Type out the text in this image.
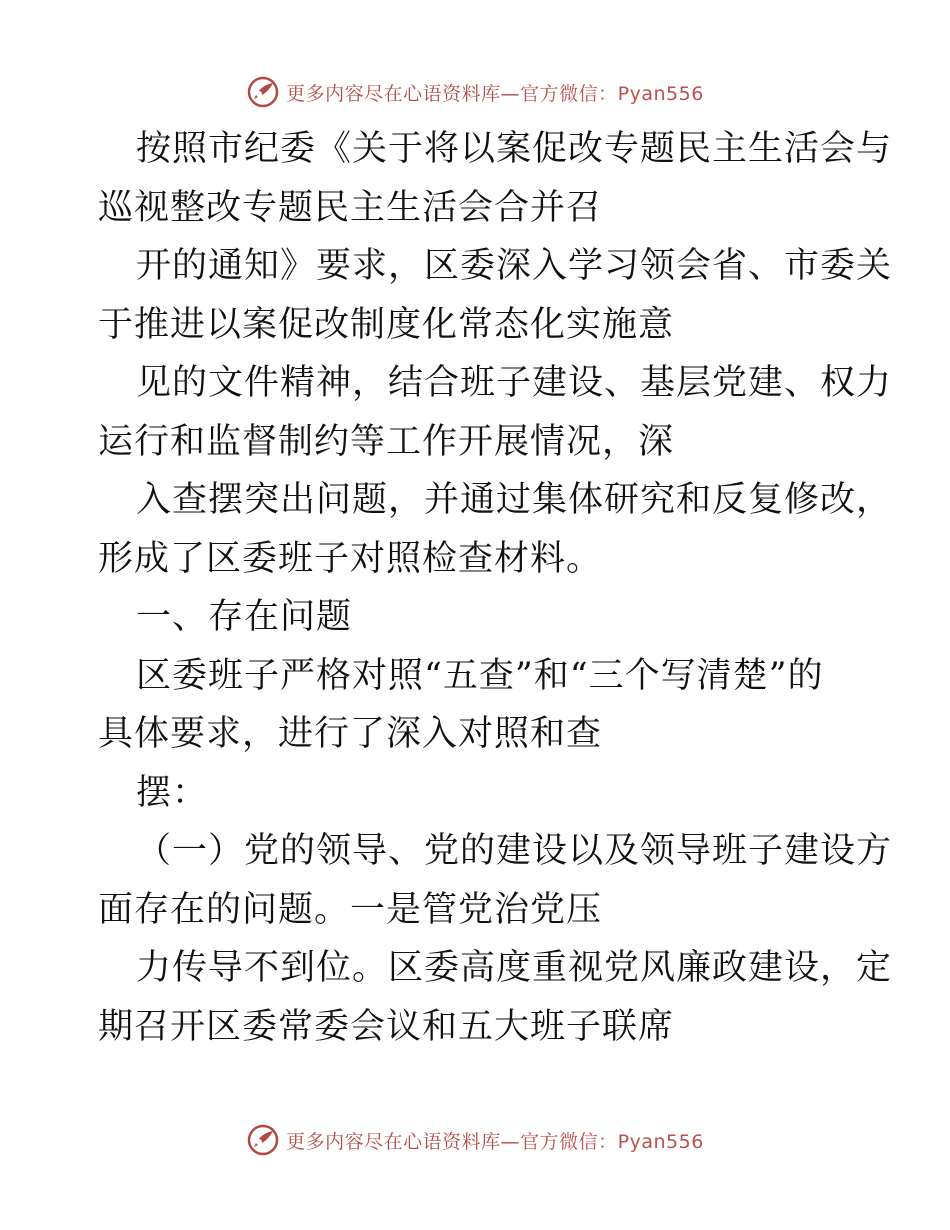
更多内容尽在心语资料库—官方微信：Pyan556
按照市纪委《关于将以案促改专题民主生活会与
巡视整改专题民主生活会合并召
开的通知》要求，区委深入学习领会省、市委关
于推进以案促改制度化常态化实施意
见的文件精神，结合班子建设、基层党建、权力
运行和监督制约等工作开展情况，深
入查摆突出问题，并通过集体研究和反复修改，
形成了区委班子对照检查材料。
一、存在问题
区委班子严格对照“五查”和“三个写清楚”的
具体要求，进行了深入对照和查
摆：
（一）党的领导、党的建设以及领导班子建设方
面存在的问题。一是管党治党压
力传导不到位。区委高度重视党风廉政建设，定
期召开区委常委会议和五大班子联席
更多内容尽在心语资料库—官方微信：Pyan556
